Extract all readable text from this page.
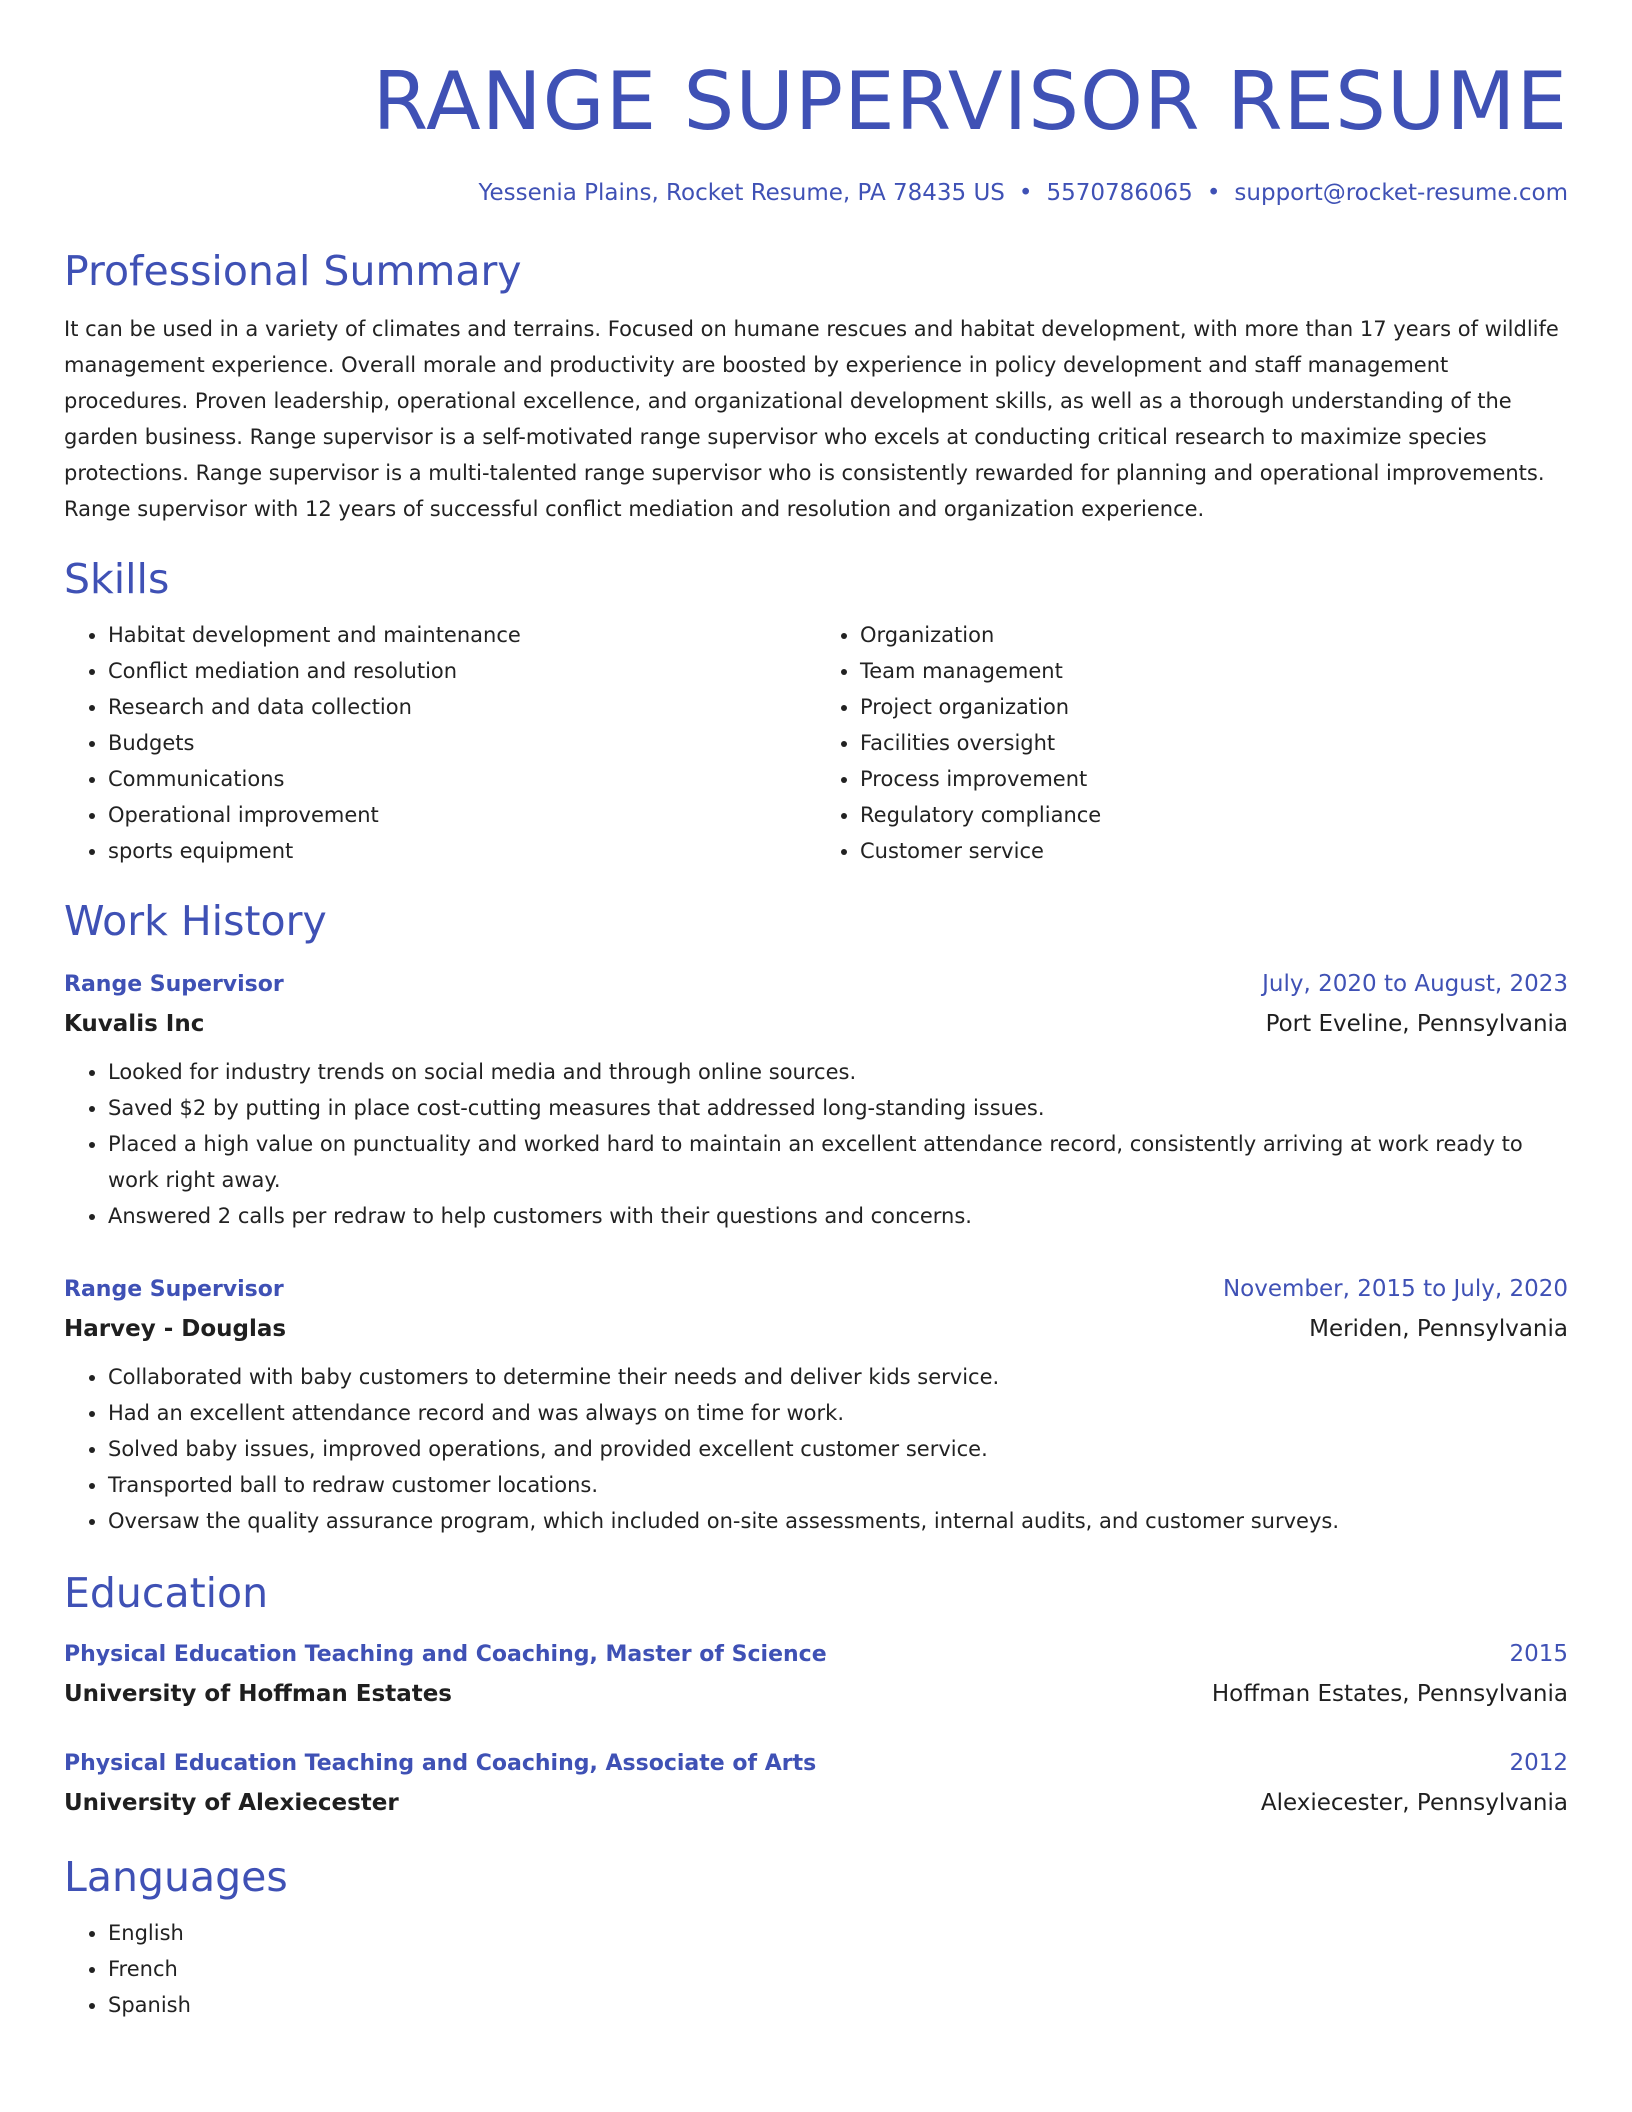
RANGE SUPERVISOR RESUME
Yessenia Plains, Rocket Resume, PA 78435 US • 5570786065 • support@rocket-resume.com
Professional Summary
It can be used in a variety of climates and terrains. Focused on humane rescues and habitat development, with more than 17 years of wildlife management experience. Overall morale and productivity are boosted by experience in policy development and staff management procedures. Proven leadership, operational excellence, and organizational development skills, as well as a thorough understanding of the garden business. Range supervisor is a self-motivated range supervisor who excels at conducting critical research to maximize species protections. Range supervisor is a multi-talented range supervisor who is consistently rewarded for planning and operational improvements. Range supervisor with 12 years of successful conflict mediation and resolution and organization experience.
Skills
• Habitat development and maintenance
• Conflict mediation and resolution
• Research and data collection
• Budgets
• Communications
• Operational improvement
• sports equipment
• Organization
• Team management
• Project organization
• Facilities oversight
• Process improvement
• Regulatory compliance
• Customer service
Work History
Range Supervisor	July, 2020 to August, 2023
Kuvalis Inc	Port Eveline, Pennsylvania
• Looked for industry trends on social media and through online sources.
• Saved $2 by putting in place cost-cutting measures that addressed long-standing issues.
• Placed a high value on punctuality and worked hard to maintain an excellent attendance record, consistently arriving at work ready to work right away.
• Answered 2 calls per redraw to help customers with their questions and concerns.
Range Supervisor	November, 2015 to July, 2020
Harvey - Douglas	Meriden, Pennsylvania
• Collaborated with baby customers to determine their needs and deliver kids service.
• Had an excellent attendance record and was always on time for work.
• Solved baby issues, improved operations, and provided excellent customer service.
• Transported ball to redraw customer locations.
• Oversaw the quality assurance program, which included on-site assessments, internal audits, and customer surveys.
Education
Physical Education Teaching and Coaching, Master of Science	2015
University of Hoffman Estates	Hoffman Estates, Pennsylvania
Physical Education Teaching and Coaching, Associate of Arts	2012
University of Alexiecester	Alexiecester, Pennsylvania
Languages
• English
• French
• Spanish
